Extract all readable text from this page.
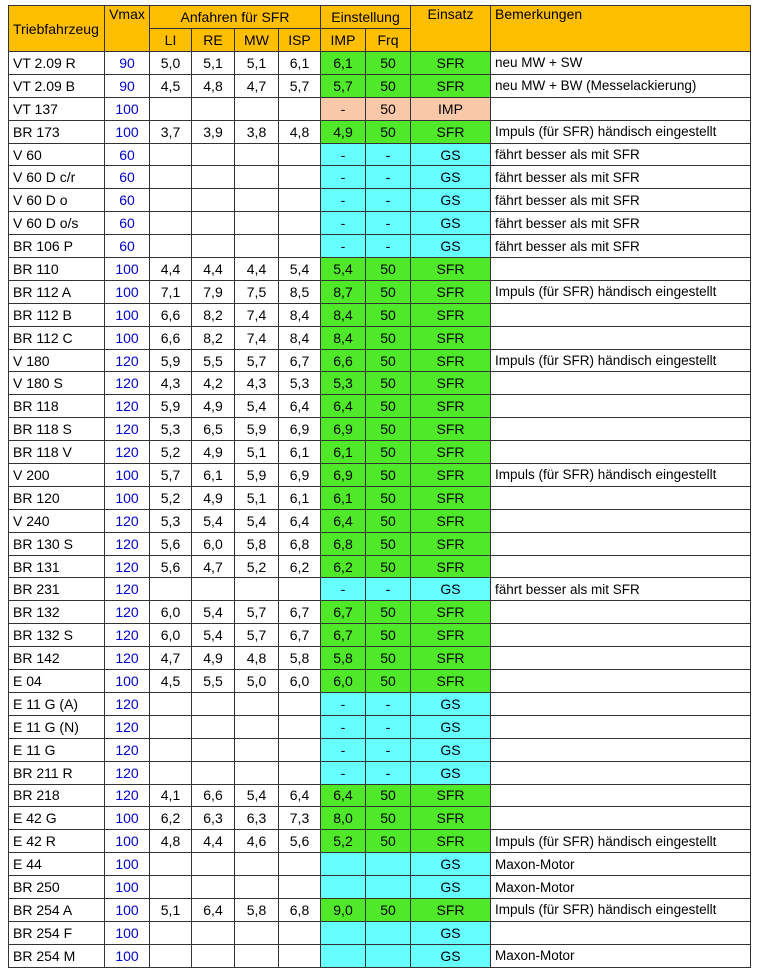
Triebfahrzeug	Vmax	Anfahren für SFR				Einstellung		Einsatz	Bemerkungen
		LI	RE	MW	ISP	IMP	Frq		
VT 2.09 R	90	5,0	5,1	5,1	6,1	6,1	50	SFR	neu MW + SW
VT 2.09 B	90	4,5	4,8	4,7	5,7	5,7	50	SFR	neu MW + BW (Messelackierung)
VT 137	100					-	50	IMP	
BR 173	100	3,7	3,9	3,8	4,8	4,9	50	SFR	Impuls (für SFR) händisch eingestellt
V 60	60					-	-	GS	fährt besser als mit SFR
V 60 D c/r	60					-	-	GS	fährt besser als mit SFR
V 60 D o	60					-	-	GS	fährt besser als mit SFR
V 60 D o/s	60					-	-	GS	fährt besser als mit SFR
BR 106 P	60					-	-	GS	fährt besser als mit SFR
BR 110	100	4,4	4,4	4,4	5,4	5,4	50	SFR	
BR 112 A	100	7,1	7,9	7,5	8,5	8,7	50	SFR	Impuls (für SFR) händisch eingestellt
BR 112 B	100	6,6	8,2	7,4	8,4	8,4	50	SFR	
BR 112 C	100	6,6	8,2	7,4	8,4	8,4	50	SFR	
V 180	120	5,9	5,5	5,7	6,7	6,6	50	SFR	Impuls (für SFR) händisch eingestellt
V 180 S	120	4,3	4,2	4,3	5,3	5,3	50	SFR	
BR 118	120	5,9	4,9	5,4	6,4	6,4	50	SFR	
BR 118 S	120	5,3	6,5	5,9	6,9	6,9	50	SFR	
BR 118 V	120	5,2	4,9	5,1	6,1	6,1	50	SFR	
V 200	100	5,7	6,1	5,9	6,9	6,9	50	SFR	Impuls (für SFR) händisch eingestellt
BR 120	100	5,2	4,9	5,1	6,1	6,1	50	SFR	
V 240	120	5,3	5,4	5,4	6,4	6,4	50	SFR	
BR 130 S	120	5,6	6,0	5,8	6,8	6,8	50	SFR	
BR 131	120	5,6	4,7	5,2	6,2	6,2	50	SFR	
BR 231	120					-	-	GS	fährt besser als mit SFR
BR 132	120	6,0	5,4	5,7	6,7	6,7	50	SFR	
BR 132 S	120	6,0	5,4	5,7	6,7	6,7	50	SFR	
BR 142	120	4,7	4,9	4,8	5,8	5,8	50	SFR	
E 04	100	4,5	5,5	5,0	6,0	6,0	50	SFR	
E 11 G (A)	120					-	-	GS	
E 11 G (N)	120					-	-	GS	
E 11 G	120					-	-	GS	
BR 211 R	120					-	-	GS	
BR 218	120	4,1	6,6	5,4	6,4	6,4	50	SFR	
E 42 G	100	6,2	6,3	6,3	7,3	8,0	50	SFR	
E 42 R	100	4,8	4,4	4,6	5,6	5,2	50	SFR	Impuls (für SFR) händisch eingestellt
E 44	100							GS	Maxon-Motor
BR 250	100							GS	Maxon-Motor
BR 254 A	100	5,1	6,4	5,8	6,8	9,0	50	SFR	Impuls (für SFR) händisch eingestellt
BR 254 F	100							GS	
BR 254 M	100							GS	Maxon-Motor
